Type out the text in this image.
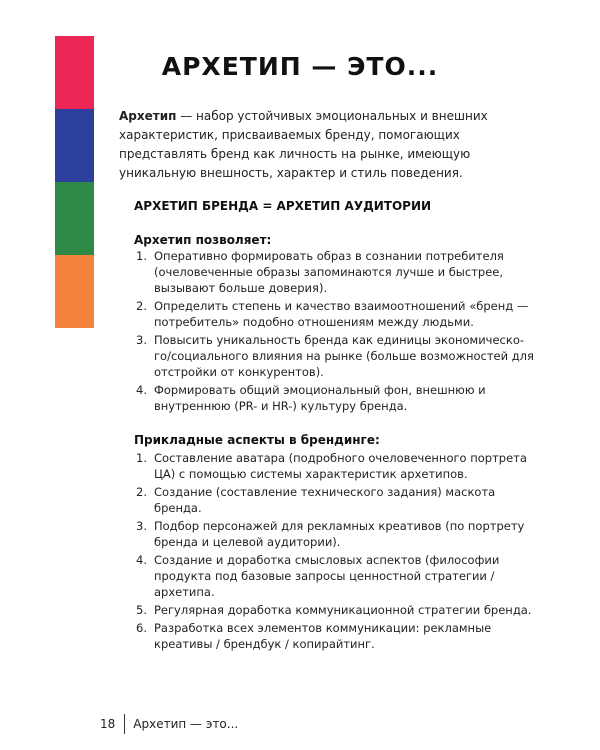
АРХЕТИП — ЭТО...

Архетип — набор устойчивых эмоциональных и внешних характеристик, присваиваемых бренду, помогающих представлять бренд как личность на рынке, имеющую уникальную внешность, характер и стиль поведения.

АРХЕТИП БРЕНДА = АРХЕТИП АУДИТОРИИ
Архетип позволяет:
1. Оперативно формировать образ в сознании потребителя (очеловеченные образы запоминаются лучше и быстрее, вызывают больше доверия).
2. Определить степень и качество взаимоотношений «бренд — потребитель» подобно отношениям между людьми.
3. Повысить уникальность бренда как единицы экономическо-го/социального влияния на рынке (больше возможностей для отстройки от конкурентов).
4. Формировать общий эмоциональный фон, внешнюю и внутреннюю (PR- и HR-) культуру бренда.
Прикладные аспекты в брендинге:
1. Составление аватара (подробного очеловеченного портрета ЦА) с помощью системы характеристик архетипов.
2. Создание (составление технического задания) маскота бренда.
3. Подбор персонажей для рекламных креативов (по портрету бренда и целевой аудитории).
4. Создание и доработка смысловых аспектов (философии продукта под базовые запросы ценностной стратегии / архетипа.
5. Регулярная доработка коммуникационной стратегии бренда.
6. Разработка всех элементов коммуникации: рекламные креативы / брендбук / копирайтинг.
18 Архетип — это...
